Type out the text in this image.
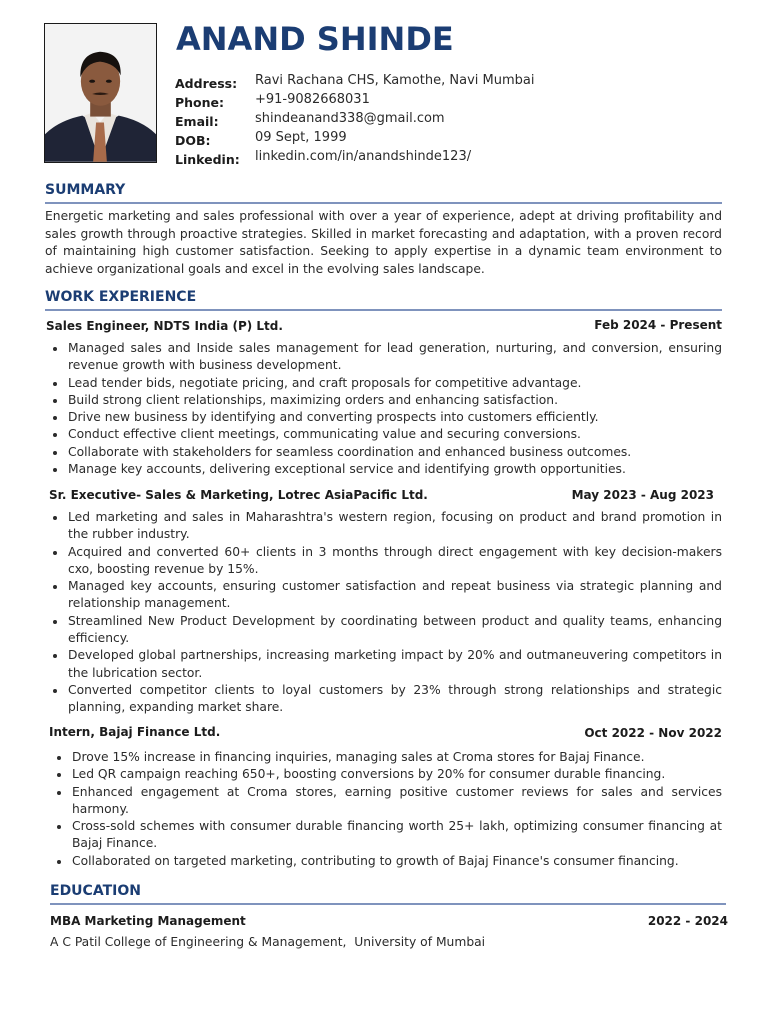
ANAND SHINDE
Address: Ravi Rachana CHS, Kamothe, Navi Mumbai
Phone: +91-9082668031
Email:	shindeanand338@gmail.com
DOB:	09 Sept, 1999
Linkedin: linkedin.com/in/anandshinde123/
SUMMARY

Energetic marketing and sales professional with over a year of experience, adept at driving profitability and sales growth through proactive strategies. Skilled in market forecasting and adaptation, with a proven record of maintaining high customer satisfaction. Seeking to apply expertise in a dynamic team environment to achieve organizational goals and excel in the evolving sales landscape.

WORK EXPERIENCE
Sales Engineer, NDTS India (P) Ltd.	Feb 2024 - Present
Managed sales and Inside sales management for lead generation, nurturing, and conversion, ensuring revenue growth with business development.
Lead tender bids, negotiate pricing, and craft proposals for competitive advantage.
Build strong client relationships, maximizing orders and enhancing satisfaction.
Drive new business by identifying and converting prospects into customers efficiently.
Conduct effective client meetings, communicating value and securing conversions.
Collaborate with stakeholders for seamless coordination and enhanced business outcomes.
Manage key accounts, delivering exceptional service and identifying growth opportunities.
Sr. Executive- Sales & Marketing, Lotrec AsiaPacific Ltd.	May 2023 - Aug 2023
Led marketing and sales in Maharashtra's western region, focusing on product and brand promotion in the rubber industry.
Acquired and converted 60+ clients in 3 months through direct engagement with key decision-makers cxo, boosting revenue by 15%.
Managed key accounts, ensuring customer satisfaction and repeat business via strategic planning and relationship management.
Streamlined New Product Development by coordinating between product and quality teams, enhancing efficiency.
Developed global partnerships, increasing marketing impact by 20% and outmaneuvering competitors in the lubrication sector.
Converted competitor clients to loyal customers by 23% through strong relationships and strategic planning, expanding market share.
Intern, Bajaj Finance Ltd.	Oct 2022 - Nov 2022
Drove 15% increase in financing inquiries, managing sales at Croma stores for Bajaj Finance.
Led QR campaign reaching 650+, boosting conversions by 20% for consumer durable financing.
Enhanced engagement at Croma stores, earning positive customer reviews for sales and services harmony.
Cross-sold schemes with consumer durable financing worth 25+ lakh, optimizing consumer financing at Bajaj Finance.
Collaborated on targeted marketing, contributing to growth of Bajaj Finance's consumer financing.
EDUCATION
MBA Marketing Management	2022 - 2024
A C Patil College of Engineering & Management,  University of Mumbai
